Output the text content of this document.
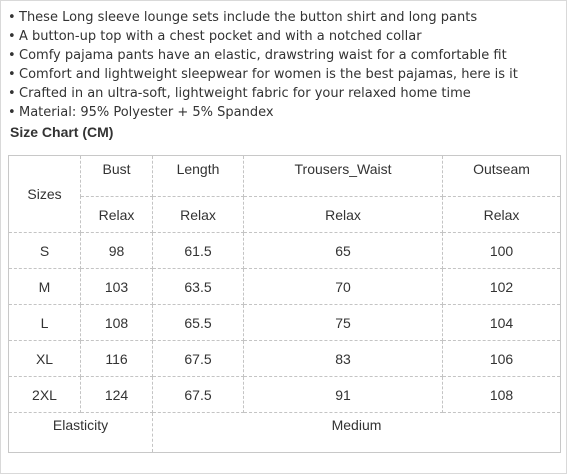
• These Long sleeve lounge sets include the button shirt and long pants
• A button-up top with a chest pocket and with a notched collar
• Comfy pajama pants have an elastic, drawstring waist for a comfortable fit
• Comfort and lightweight sleepwear for women is the best pajamas, here is it
• Crafted in an ultra-soft, lightweight fabric for your relaxed home time
• Material: 95% Polyester + 5% Spandex

Size Chart (CM)

Sizes	Bust	Length	Trousers_Waist	Outseam
	Relax	Relax	Relax	Relax
S	98	61.5	65	100
M	103	63.5	70	102
L	108	65.5	75	104
XL	116	67.5	83	106
2XL	124	67.5	91	108
Elasticity		Medium		
